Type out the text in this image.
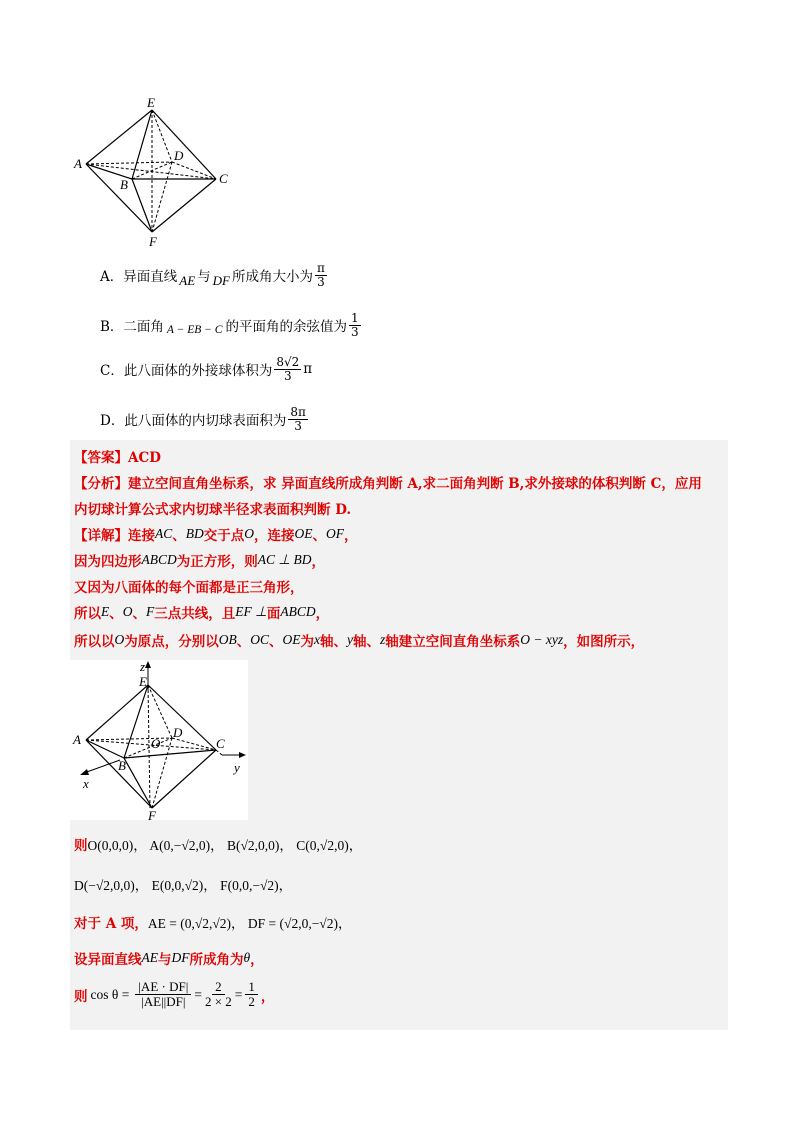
E
A
D
B	C
F
A．异面直线 AE 与 DF 所成角大小为 $\frac{\pi}{3}$
B．二面角 A − EB − C 的平面角的余弦值为 $\frac{1}{3}$
C．此八面体的外接球体积为 $\frac{8√2}{3}$ π
D．此八面体的内切球表面积为 $\frac{8\pi}{3}$
【答案】ACD
【分析】建立空间直角坐标系，求 异面直线所成角判断 A,求二面角判断 B,求外接球的体积判断 C，应用
内切球计算公式求内切球半径求表面积判断 D.
【详解】连接 AC 、 BD 交于点 O ，连接 OE 、 OF ，
因为四边形 ABCD 为正方形，则 AC ⊥ BD ，
又因为八面体的每个面都是正三角形，
所以 E 、 O 、 F 三点共线，且 EF ⊥ 面 ABCD ，
所以以 O 为原点，分别以 OB 、 OC 、 OE 为 x 轴、 y 轴、 z 轴建立空间直角坐标系 O − xyz ，如图所示，
则 O(0,0,0)， A(0,−√2,0)， B(√2,0,0)， C(0,√2,0)，
D(−√2,0,0)， E(0,0,√2)， F(0,0,−√2)，
对于 A 项， AE = (0,√2,√2)， DF = (√2,0,−√2)，
设异面直线 AE 与 DF 所成角为 θ ，
则 $\cos \theta = \frac{|AE \cdot DF|}{|AE||DF|} = \frac{2}{2 \times 2} = \frac{1}{2}$ ，
z
E
A	O
D
C
B
x
y
F
